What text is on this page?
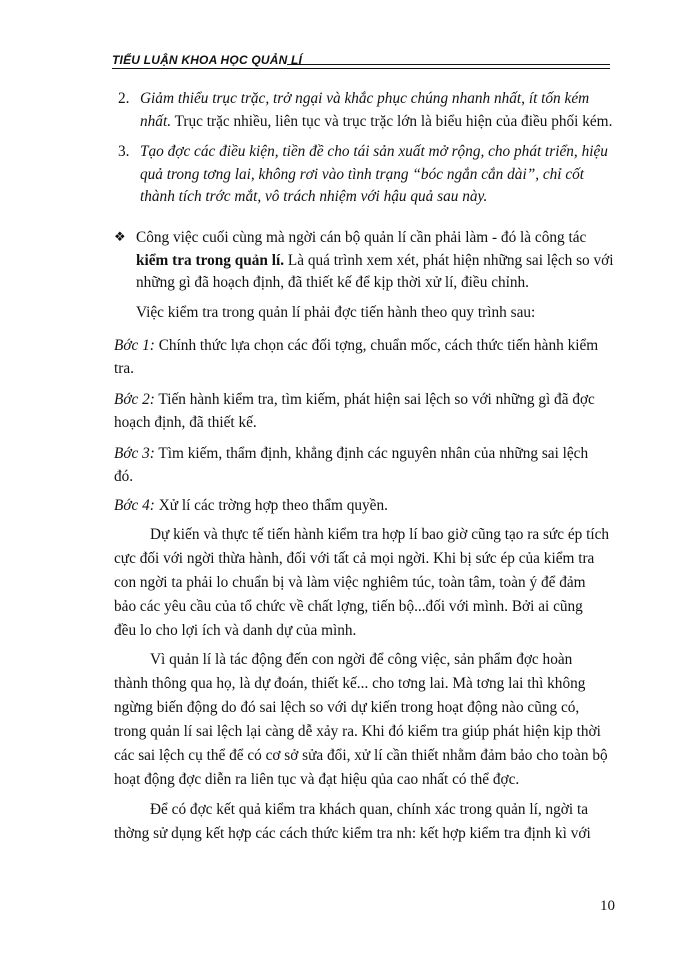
TIỂU LUẬN KHOA HỌC QUẢN LÍ
2. Giảm thiểu trục trặc, trở ngại và khắc phục chúng nhanh nhất, ít tốn kém
nhất. Trục trặc nhiều, liên tục và trục trặc lớn là biểu hiện của điều phối kém.
3. Tạo đợc các điều kiện, tiền đề cho tái sản xuất mở rộng, cho phát triển, hiệu
quả trong tơng lai, không rơi vào tình trạng “bóc ngắn cắn dài”, chỉ cốt
thành tích trớc mắt, vô trách nhiệm với hậu quả sau này.
❖ Công việc cuối cùng mà ngời cán bộ quản lí cần phải làm - đó là công tác
kiểm tra trong quản lí. Là quá trình xem xét, phát hiện những sai lệch so với
những gì đã hoạch định, đã thiết kế để kịp thời xử lí, điều chỉnh.
Việc kiểm tra trong quản lí phải đợc tiến hành theo quy trình sau:
Bớc 1: Chính thức lựa chọn các đối tợng, chuẩn mốc, cách thức tiến hành kiểm
tra.
Bớc 2: Tiến hành kiểm tra, tìm kiếm, phát hiện sai lệch so với những gì đã đợc
hoạch định, đã thiết kế.
Bớc 3: Tìm kiếm, thẩm định, khẳng định các nguyên nhân của những sai lệch
đó.
Bớc 4: Xử lí các trờng hợp theo thẩm quyền.
Dự kiến và thực tế tiến hành kiểm tra hợp lí bao giờ cũng tạo ra sức ép tích
cực đối với ngời thừa hành, đối với tất cả mọi ngời. Khi bị sức ép của kiểm tra
con ngời ta phải lo chuẩn bị và làm việc nghiêm túc, toàn tâm, toàn ý để đảm
bảo các yêu cầu của tổ chức về chất lợng, tiến bộ...đối với mình. Bởi ai cũng
đều lo cho lợi ích và danh dự của mình.
Vì quản lí là tác động đến con ngời để công việc, sản phẩm đợc hoàn
thành thông qua họ, là dự đoán, thiết kế... cho tơng lai. Mà tơng lai thì không
ngừng biến động do đó sai lệch so với dự kiến trong hoạt động nào cũng có,
trong quản lí sai lệch lại càng dễ xảy ra. Khi đó kiểm tra giúp phát hiện kịp thời
các sai lệch cụ thể để có cơ sở sửa đổi, xử lí cần thiết nhằm đảm bảo cho toàn bộ
hoạt động đợc diễn ra liên tục và đạt hiệu qủa cao nhất có thể đợc.
Để có đợc kết quả kiểm tra khách quan, chính xác trong quản lí, ngời ta
thờng sử dụng kết hợp các cách thức kiểm tra nh: kết hợp kiểm tra định kì với
10
